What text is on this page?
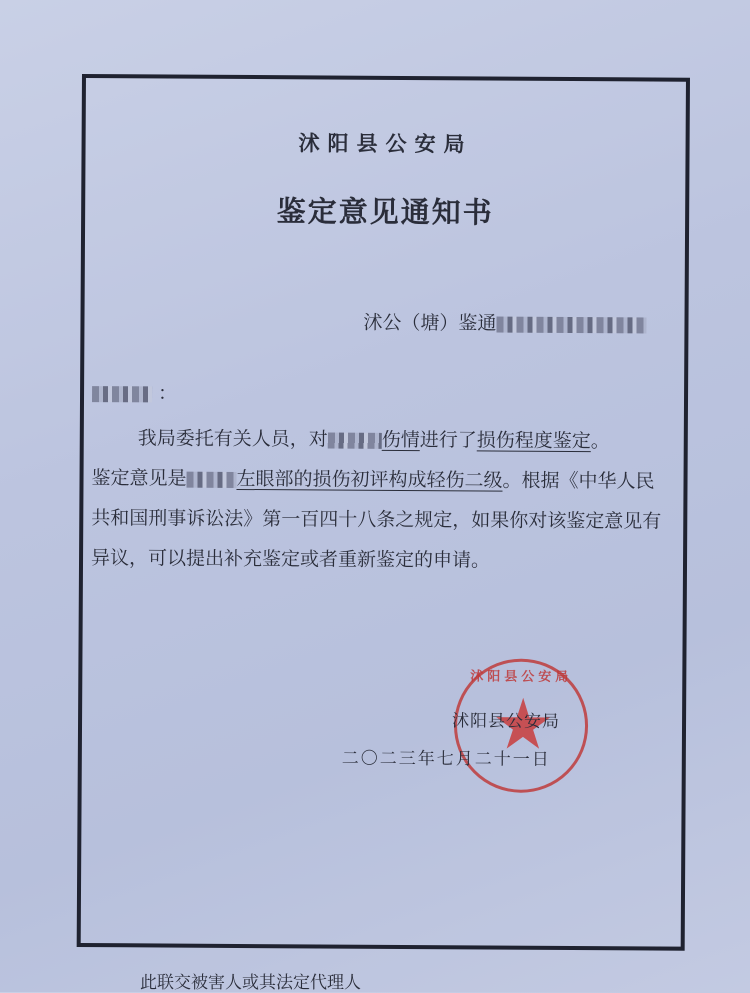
沭阳县公安局
鉴定意见通知书
沭公（塘）鉴通
：

我局委托有关人员，对	伤情进行了损伤程度鉴定。

鉴定意见是	左眼部的损伤初评构成轻伤二级。根据《中华人民共和国刑事诉讼法》第一百四十八条之规定，如果你对该鉴定意见有异议，可以提出补充鉴定或者重新鉴定的申请。

沭阳县公安局
沭阳县公安局
二〇二三年七月二十一日
此联交被害人或其法定代理人
